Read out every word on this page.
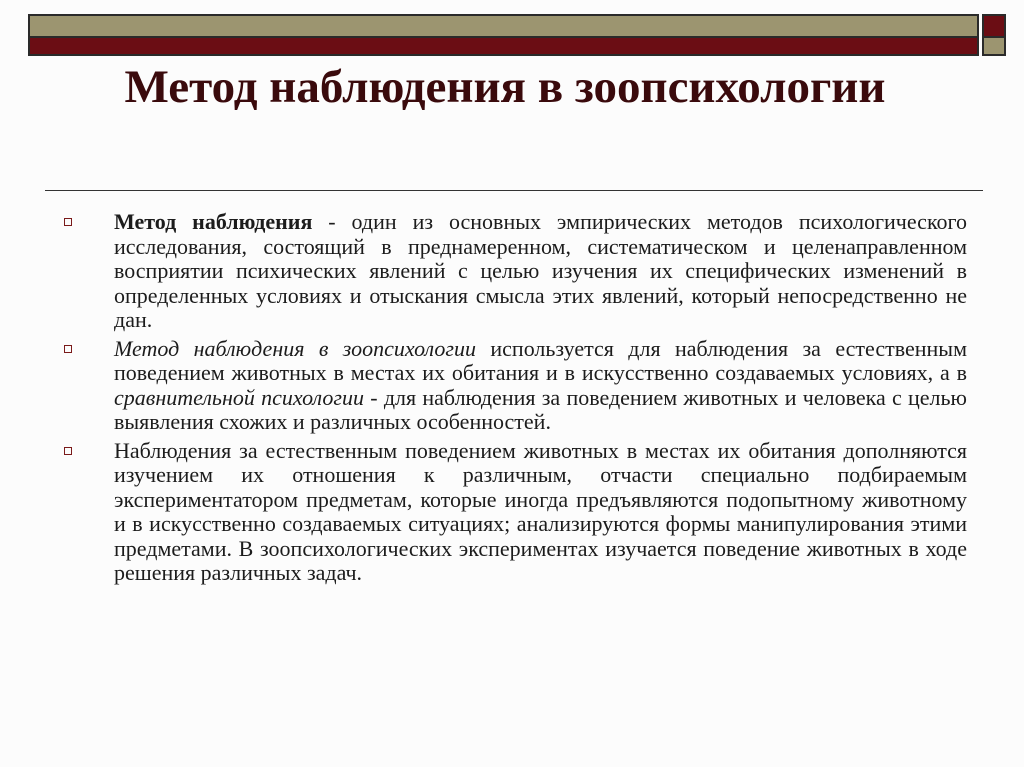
Метод наблюдения в зоопсихологии
Метод наблюдения - один из основных эмпирических методов психологического исследования, состоящий в преднамеренном, систематическом и целенаправленном восприятии психических явлений с целью изучения их специфических изменений в определенных условиях и отыскания смысла этих явлений, который непосредственно не дан.
Метод наблюдения в зоопсихологии используется для наблюдения за естественным поведением животных в местах их обитания и в искусственно создаваемых условиях, а в сравнительной психологии - для наблюдения за поведением животных и человека с целью выявления схожих и различных особенностей.
Наблюдения за естественным поведением животных в местах их обитания дополняются изучением их отношения к различным, отчасти специально подбираемым экспериментатором предметам, которые иногда предъявляются подопытному животному и в искусственно создаваемых ситуациях; анализируются формы манипулирования этими предметами. В зоопсихологических экспериментах изучается поведение животных в ходе решения различных задач.
